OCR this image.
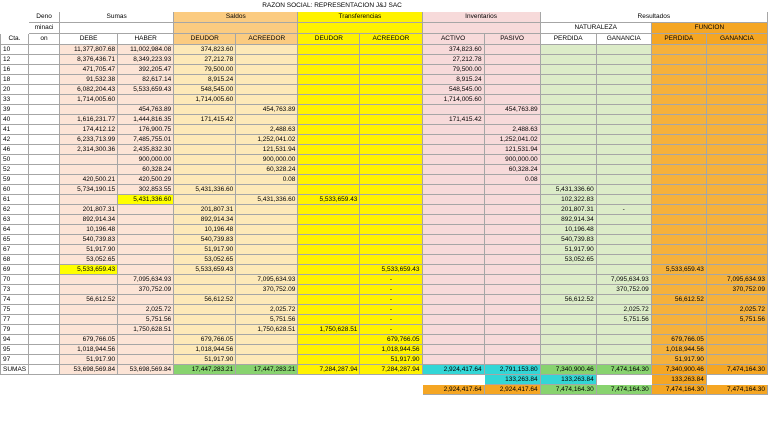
				RAZON SOCIAL: REPRESENTACION J&J SAC									
	Deno	Sumas		Saldos		Transferencias		Inventarios		Resultados			
	minaci									NATURALEZA		FUNCION	
Cta.	on	DEBE	HABER	DEUDOR	ACREEDOR	DEUDOR	ACREEDOR	ACTIVO	PASIVO	PERDIDA	GANANCIA	PERDIDA	GANANCIA
10		11,377,807.68	11,002,984.08	374,823.60				374,823.60					
12		8,376,436.71	8,349,223.93	27,212.78				27,212.78					
16		471,705.47	392,205.47	79,500.00				79,500.00					
18		91,532.38	82,617.14	8,915.24				8,915.24					
20		6,082,204.43	5,533,659.43	548,545.00				548,545.00					
33		1,714,005.60		1,714,005.60				1,714,005.60					
39			454,763.89		454,763.89				454,763.89				
40		1,616,231.77	1,444,816.35	171,415.42				171,415.42					
41		174,412.12	176,900.75		2,488.63				2,488.63				
42		6,233,713.99	7,485,755.01		1,252,041.02				1,252,041.02				
46		2,314,300.36	2,435,832.30		121,531.94				121,531.94				
50			900,000.00		900,000.00				900,000.00				
52			60,328.24		60,328.24				60,328.24				
59		420,500.21	420,500.29		0.08				0.08				
60		5,734,190.15	302,853.55	5,431,336.60						5,431,336.60			
61			5,431,336.60		5,431,336.60	5,533,659.43				102,322.83			
62		201,807.31		201,807.31						201,807.31	-		
63		892,914.34		892,914.34						892,914.34			
64		10,196.48		10,196.48						10,196.48			
65		540,739.83		540,739.83						540,739.83			
67		51,917.90		51,917.90						51,917.90			
68		53,052.65		53,052.65						53,052.65			
69		5,533,659.43		5,533,659.43			5,533,659.43					5,533,659.43	
70			7,095,634.93		7,095,634.93		-				7,095,634.93		7,095,634.93
73			370,752.09		370,752.09		-				370,752.09		370,752.09
74		56,612.52		56,612.52			-			56,612.52		56,612.52	
75			2,025.72		2,025.72		-				2,025.72		2,025.72
77			5,751.56		5,751.56		-				5,751.56		5,751.56
79			1,750,628.51		1,750,628.51	1,750,628.51	-						
94		679,766.05		679,766.05			679,766.05					679,766.05	
95		1,018,944.56		1,018,944.56			1,018,944.56					1,018,944.56	
97		51,917.90		51,917.90			51,917.90					51,917.90	
SUMAS		53,698,569.84	53,698,569.84	17,447,283.21	17,447,283.21	7,284,287.94	7,284,287.94	2,924,417.64	2,791,153.80	7,340,900.46	7,474,164.30	7,340,900.46	7,474,164.30
									133,263.84	133,263.84		133,263.84	
								2,924,417.64	2,924,417.64	7,474,164.30	7,474,164.30	7,474,164.30	7,474,164.30
